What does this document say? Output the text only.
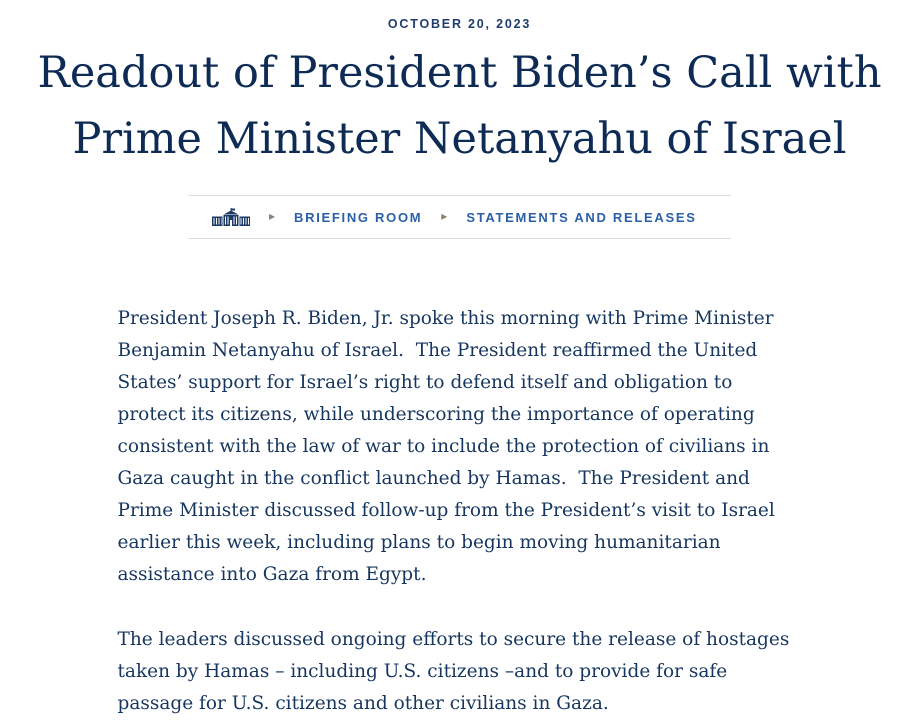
OCTOBER 20, 2023
Readout of President Biden’s Call with
Prime Minister Netanyahu of Israel
▸ BRIEFING ROOM ▸ STATEMENTS AND RELEASES

President Joseph R. Biden, Jr. spoke this morning with Prime Minister Benjamin Netanyahu of Israel.  The President reaffirmed the United States’ support for Israel’s right to defend itself and obligation to protect its citizens, while underscoring the importance of operating consistent with the law of war to include the protection of civilians in Gaza caught in the conflict launched by Hamas.  The President and Prime Minister discussed follow-up from the President’s visit to Israel earlier this week, including plans to begin moving humanitarian assistance into Gaza from Egypt.

The leaders discussed ongoing efforts to secure the release of hostages taken by Hamas – including U.S. citizens –and to provide for safe passage for U.S. citizens and other civilians in Gaza.
